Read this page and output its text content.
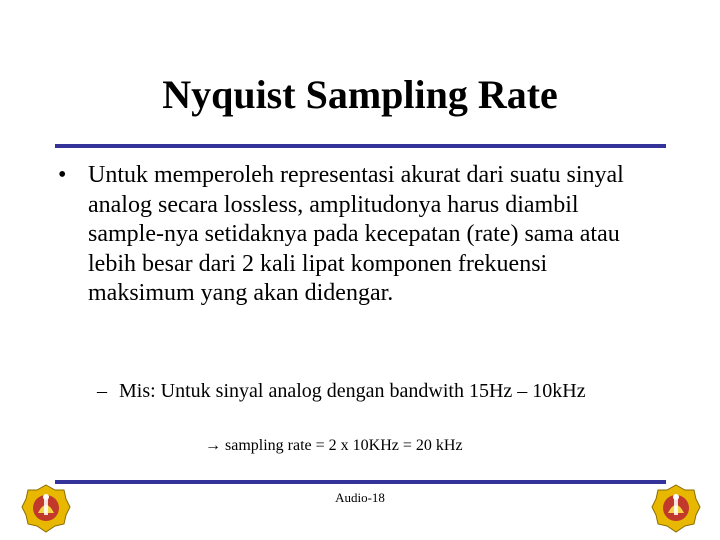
Nyquist Sampling Rate
• Untuk memperoleh representasi akurat dari suatu sinyal analog secara lossless, amplitudonya harus diambil sample-nya setidaknya pada kecepatan (rate) sama atau lebih besar dari 2 kali lipat komponen frekuensi maksimum yang akan didengar.
– Mis: Untuk sinyal analog dengan bandwith 15Hz – 10kHz
→ sampling rate = 2 x 10KHz = 20 kHz
Audio-18
